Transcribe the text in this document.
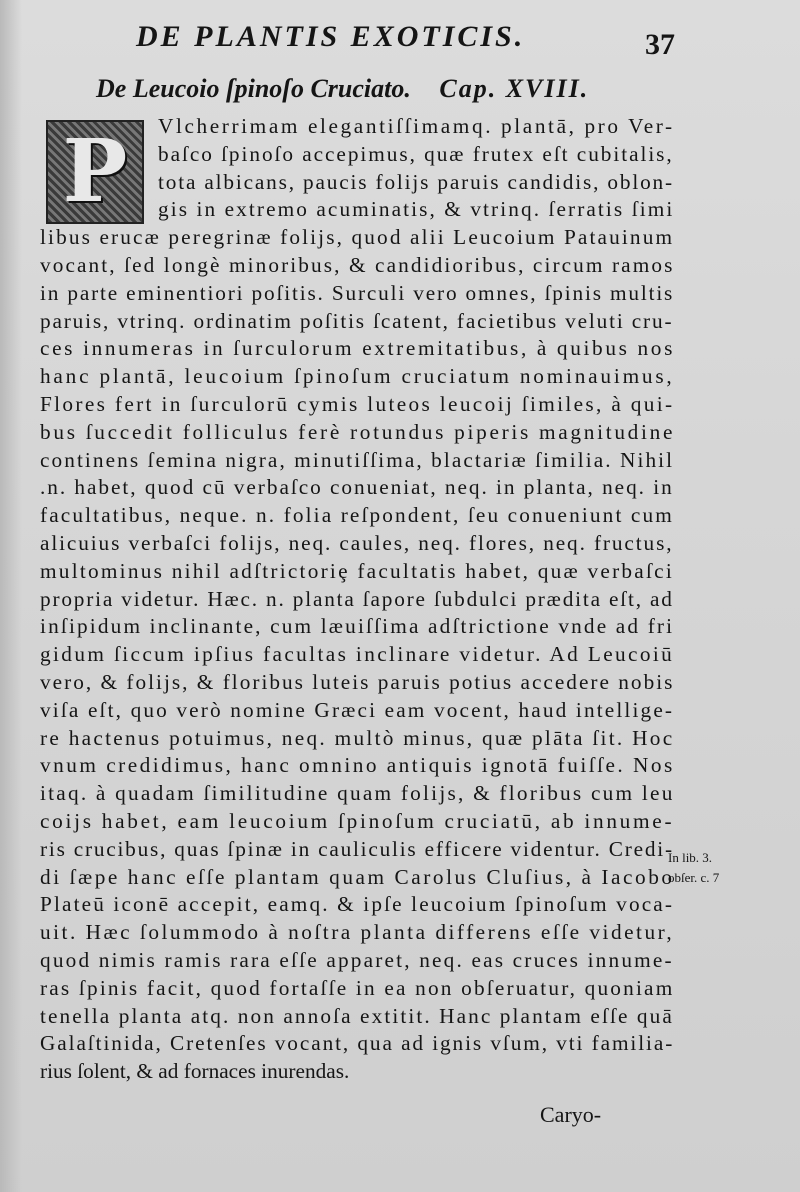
DE PLANTIS EXOTICIS.	37
De Leucoio ſpinoſo Cruciato. Cap. XVIII.
P Vlcherrimam elegantiſſimamq. plantā, pro Ver-
baſco ſpinoſo accepimus, quæ frutex eſt cubitalis,
tota albicans, paucis folijs paruis candidis, oblon-
gis in extremo acuminatis, & vtrinq. ſerratis ſimi
libus erucæ peregrinæ folijs, quod alii Leucoium Patauinum
vocant, ſed longè minoribus, & candidioribus, circum ramos
in parte eminentiori poſitis. Surculi vero omnes, ſpinis multis
paruis, vtrinq. ordinatim poſitis ſcatent, facietibus veluti cru-
ces innumeras in ſurculorum extremitatibus, à quibus nos
hanc plantā, leucoium ſpinoſum cruciatum nominauimus,
Flores fert in ſurculorū cymis luteos leucoij ſimiles, à qui-
bus ſuccedit folliculus ferè rotundus piperis magnitudine
continens ſemina nigra, minutiſſima, blactariæ ſimilia. Nihil
.n. habet, quod cū verbaſco conueniat, neq. in planta, neq. in
facultatibus, neque. n. folia reſpondent, ſeu conueniunt cum
alicuius verbaſci folijs, neq. caules, neq. flores, neq. fructus,
multominus nihil adſtrictoriȩ facultatis habet, quæ verbaſci
propria videtur. Hæc. n. planta ſapore ſubdulci prædita eſt, ad
inſipidum inclinante, cum læuiſſima adſtrictione vnde ad fri
gidum ſiccum ipſius facultas inclinare videtur. Ad Leucoiū
vero, & folijs, & floribus luteis paruis potius accedere nobis
viſa eſt, quo verò nomine Græci eam vocent, haud intellige-
re hactenus potuimus, neq. multò minus, quæ plāta ſit. Hoc
vnum credidimus, hanc omnino antiquis ignotā fuiſſe. Nos
itaq. à quadam ſimilitudine quam folijs, & floribus cum leu
coijs habet, eam leucoium ſpinoſum cruciatū, ab innume-
ris crucibus, quas ſpinæ in cauliculis efficere videntur. Credi-
di ſæpe hanc eſſe plantam quam Carolus Cluſius, à Iacobo
Plateū iconē accepit, eamq. & ipſe leucoium ſpinoſum voca-
uit. Hæc ſolummodo à noſtra planta differens eſſe videtur,
quod nimis ramis rara eſſe apparet, neq. eas cruces innume-
ras ſpinis facit, quod fortaſſe in ea non obſeruatur, quoniam
tenella planta atq. non annoſa extitit. Hanc plantam eſſe quā
Galaſtinida, Cretenſes vocant, qua ad ignis vſum, vti familia-
rius ſolent, & ad fornaces inurendas.
In lib. 3.
obſer. c. 7
Caryo-
